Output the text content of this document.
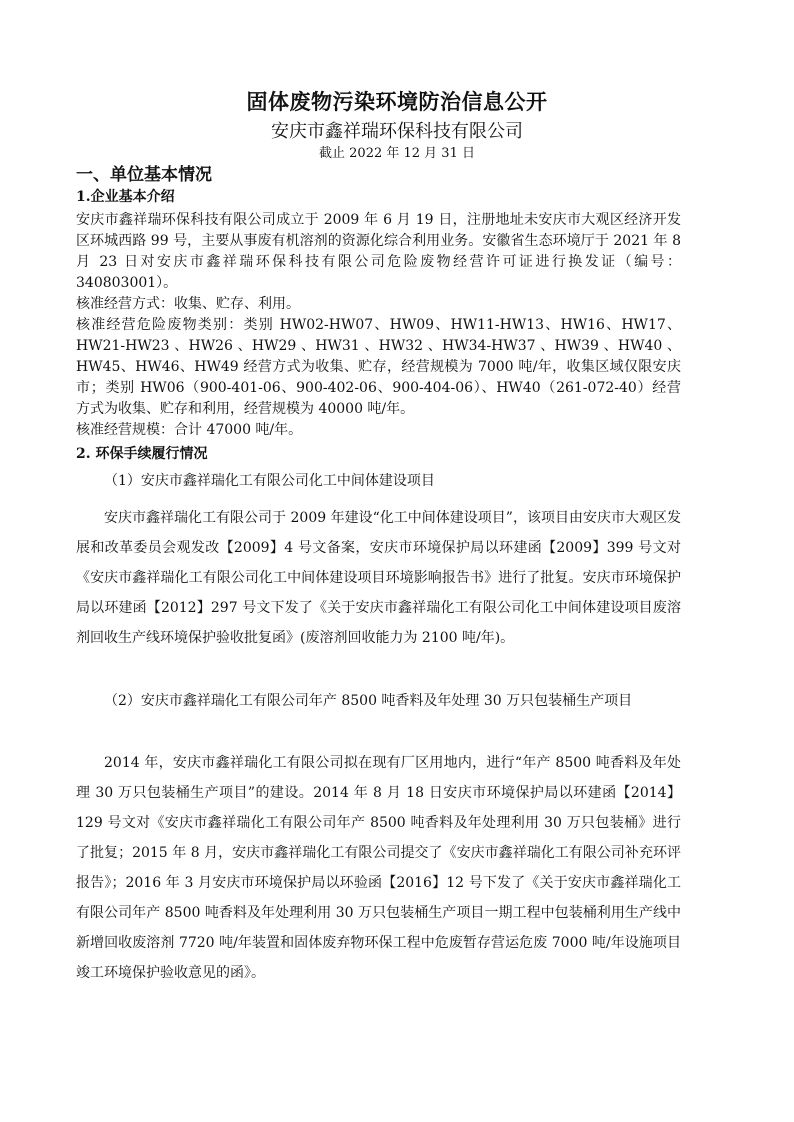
固体废物污染环境防治信息公开
安庆市鑫祥瑞环保科技有限公司
截止 2022 年 12 月 31 日
一、单位基本情况
1.企业基本介绍

安庆市鑫祥瑞环保科技有限公司成立于 2009 年 6 月 19 日，注册地址未安庆市大观区经济开发区环城西路 99 号，主要从事废有机溶剂的资源化综合利用业务。安徽省生态环境厅于 2021 年 8 月 23 日对安庆市鑫祥瑞环保科技有限公司危险废物经营许可证进行换发证（编号：340803001）。

核准经营方式：收集、贮存、利用。

核准经营危险废物类别：类别 HW02-HW07、HW09、HW11-HW13、HW16、HW17、HW21-HW23 、HW26 、HW29 、HW31 、HW32 、HW34-HW37 、HW39 、HW40 、HW45、HW46、HW49 经营方式为收集、贮存，经营规模为 7000 吨/年，收集区域仅限安庆市；类别 HW06（900-401-06、900-402-06、900-404-06）、HW40（261-072-40）经营方式为收集、贮存和利用，经营规模为 40000 吨/年。

核准经营规模：合计 47000 吨/年。

2. 环保手续履行情况

（1）安庆市鑫祥瑞化工有限公司化工中间体建设项目

安庆市鑫祥瑞化工有限公司于 2009 年建设“化工中间体建设项目”，该项目由安庆市大观区发展和改革委员会观发改【2009】4 号文备案，安庆市环境保护局以环建函【2009】399 号文对《安庆市鑫祥瑞化工有限公司化工中间体建设项目环境影响报告书》进行了批复。安庆市环境保护局以环建函【2012】297 号文下发了《关于安庆市鑫祥瑞化工有限公司化工中间体建设项目废溶剂回收生产线环境保护验收批复函》(废溶剂回收能力为 2100 吨/年)。

（2）安庆市鑫祥瑞化工有限公司年产 8500 吨香料及年处理 30 万只包装桶生产项目

2014 年，安庆市鑫祥瑞化工有限公司拟在现有厂区用地内，进行“年产 8500 吨香料及年处理 30 万只包装桶生产项目”的建设。2014 年 8 月 18 日安庆市环境保护局以环建函【2014】129 号文对《安庆市鑫祥瑞化工有限公司年产 8500 吨香料及年处理利用 30 万只包装桶》进行了批复；2015 年 8 月，安庆市鑫祥瑞化工有限公司提交了《安庆市鑫祥瑞化工有限公司补充环评报告》；2016 年 3 月安庆市环境保护局以环验函【2016】12 号下发了《关于安庆市鑫祥瑞化工有限公司年产 8500 吨香料及年处理利用 30 万只包装桶生产项目一期工程中包装桶利用生产线中新增回收废溶剂 7720 吨/年装置和固体废弃物环保工程中危废暂存营运危废 7000 吨/年设施项目竣工环境保护验收意见的函》。
